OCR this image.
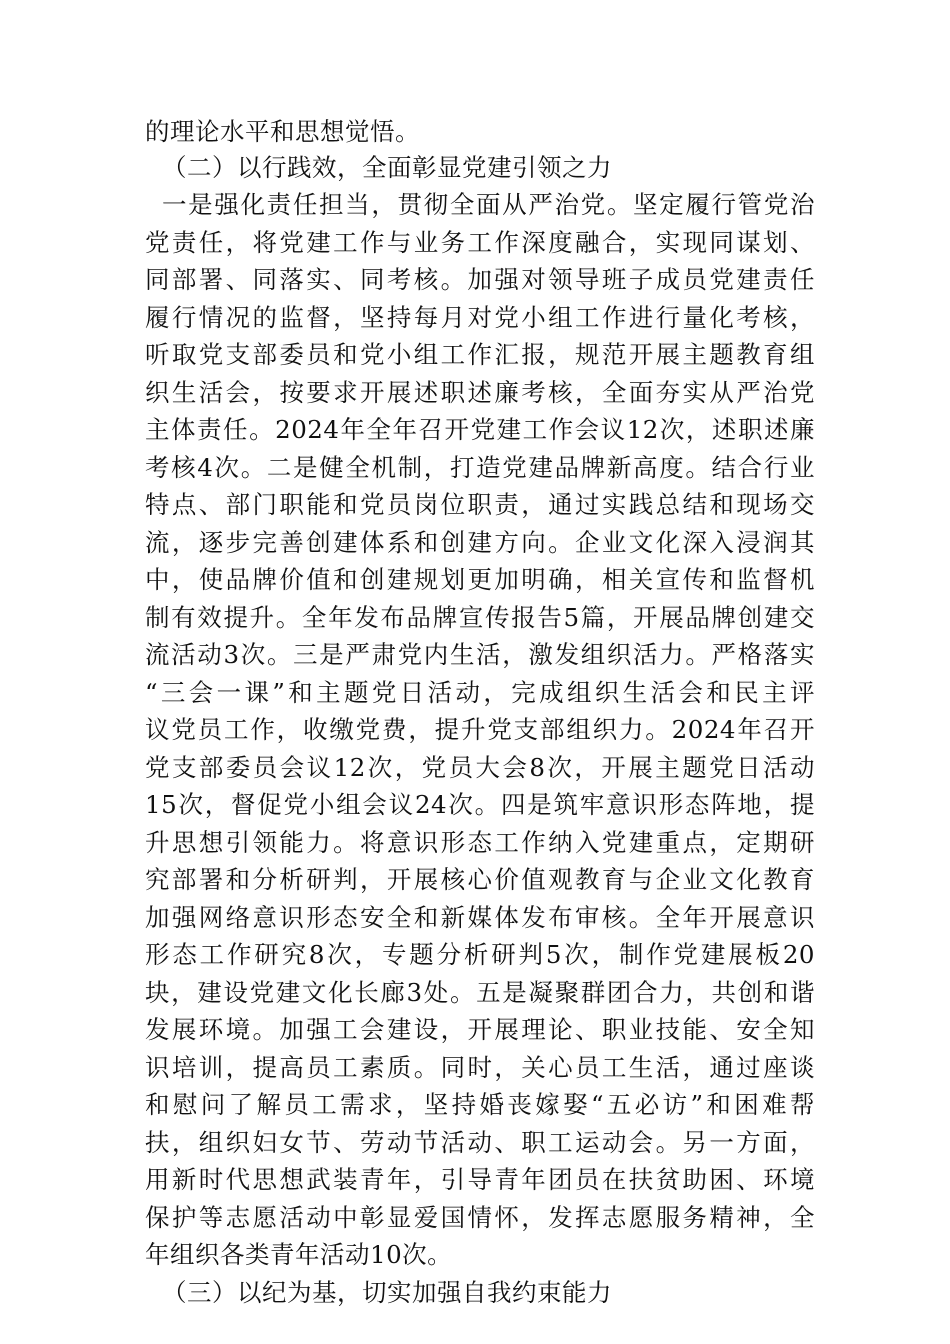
的理论水平和思想觉悟。
（二）以行践效，全面彰显党建引领之力
一是强化责任担当，贯彻全面从严治党。坚定履行管党治
党责任，将党建工作与业务工作深度融合，实现同谋划、
同部署、同落实、同考核。加强对领导班子成员党建责任
履行情况的监督，坚持每月对党小组工作进行量化考核，
听取党支部委员和党小组工作汇报，规范开展主题教育组
织生活会，按要求开展述职述廉考核，全面夯实从严治党
主体责任。2024年全年召开党建工作会议12次，述职述廉
考核4次。二是健全机制，打造党建品牌新高度。结合行业
特点、部门职能和党员岗位职责，通过实践总结和现场交
流，逐步完善创建体系和创建方向。企业文化深入浸润其
中，使品牌价值和创建规划更加明确，相关宣传和监督机
制有效提升。全年发布品牌宣传报告5篇，开展品牌创建交
流活动3次。三是严肃党内生活，激发组织活力。严格落实
“三会一课”和主题党日活动，完成组织生活会和民主评
议党员工作，收缴党费，提升党支部组织力。2024年召开
党支部委员会议12次，党员大会8次，开展主题党日活动
15次，督促党小组会议24次。四是筑牢意识形态阵地，提
升思想引领能力。将意识形态工作纳入党建重点，定期研
究部署和分析研判，开展核心价值观教育与企业文化教育
加强网络意识形态安全和新媒体发布审核。全年开展意识
形态工作研究8次，专题分析研判5次，制作党建展板20
块，建设党建文化长廊3处。五是凝聚群团合力，共创和谐
发展环境。加强工会建设，开展理论、职业技能、安全知
识培训，提高员工素质。同时，关心员工生活，通过座谈
和慰问了解员工需求，坚持婚丧嫁娶“五必访”和困难帮
扶，组织妇女节、劳动节活动、职工运动会。另一方面，
用新时代思想武装青年，引导青年团员在扶贫助困、环境
保护等志愿活动中彰显爱国情怀，发挥志愿服务精神，全
年组织各类青年活动10次。
（三）以纪为基，切实加强自我约束能力
